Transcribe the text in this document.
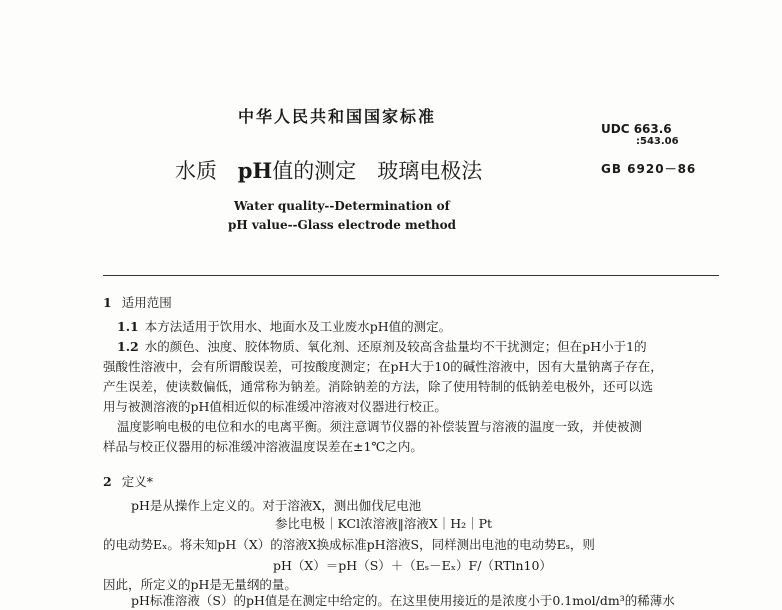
中华人民共和国国家标准
UDC 663.6
:543.06
GB 6920－86
水质 pH值的测定　玻璃电极法
Water quality--Determination of
pH value--Glass electrode method
1 适用范围
1.1 本方法适用于饮用水、地面水及工业废水pH值的测定。
1.2 水的颜色、浊度、胶体物质、氧化剂、还原剂及较高含盐量均不干扰测定；但在pH小于1的
强酸性溶液中，会有所谓酸误差，可按酸度测定；在pH大于10的碱性溶液中，因有大量钠离子存在，
产生误差，使读数偏低，通常称为钠差。消除钠差的方法，除了使用特制的低钠差电极外，还可以选
用与被测溶液的pH值相近似的标准缓冲溶液对仪器进行校正。
温度影响电极的电位和水的电离平衡。须注意调节仪器的补偿装置与溶液的温度一致，并使被测
样品与校正仪器用的标准缓冲溶液温度误差在±1℃之内。
2 定义*
pH是从操作上定义的。对于溶液X，测出伽伐尼电池
参比电极｜KCl浓溶液‖溶液X｜H₂｜Pt
的电动势Eₓ。将未知pH（X）的溶液X换成标准pH溶液S，同样测出电池的电动势Eₛ，则
pH（X）＝pH（S）＋（Eₛ－Eₓ）F/（RTln10）
因此，所定义的pH是无量纲的量。
pH标准溶液（S）的pH值是在测定中给定的。在这里使用接近的是浓度小于0.1mol/dm³的稀薄水
